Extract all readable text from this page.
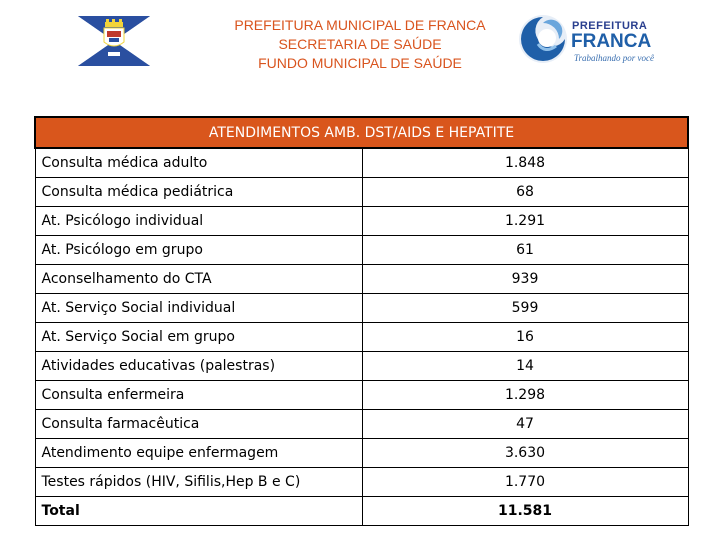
PREFEITURA MUNICIPAL DE FRANCA
SECRETARIA DE SAÚDE
FUNDO MUNICIPAL DE SAÚDE
PREFEITURA
FRANCA
Trabalhando por você
ATENDIMENTOS AMB. DST/AIDS E HEPATITE	
Consulta médica adulto	1.848
Consulta médica pediátrica	68
At. Psicólogo individual	1.291
At. Psicólogo em grupo	61
Aconselhamento do CTA	939
At. Serviço Social individual	599
At. Serviço Social em grupo	16
Atividades educativas (palestras)	14
Consulta enfermeira	1.298
Consulta farmacêutica	47
Atendimento equipe enfermagem	3.630
Testes rápidos (HIV, Sifilis,Hep B e C)	1.770
Total	11.581
